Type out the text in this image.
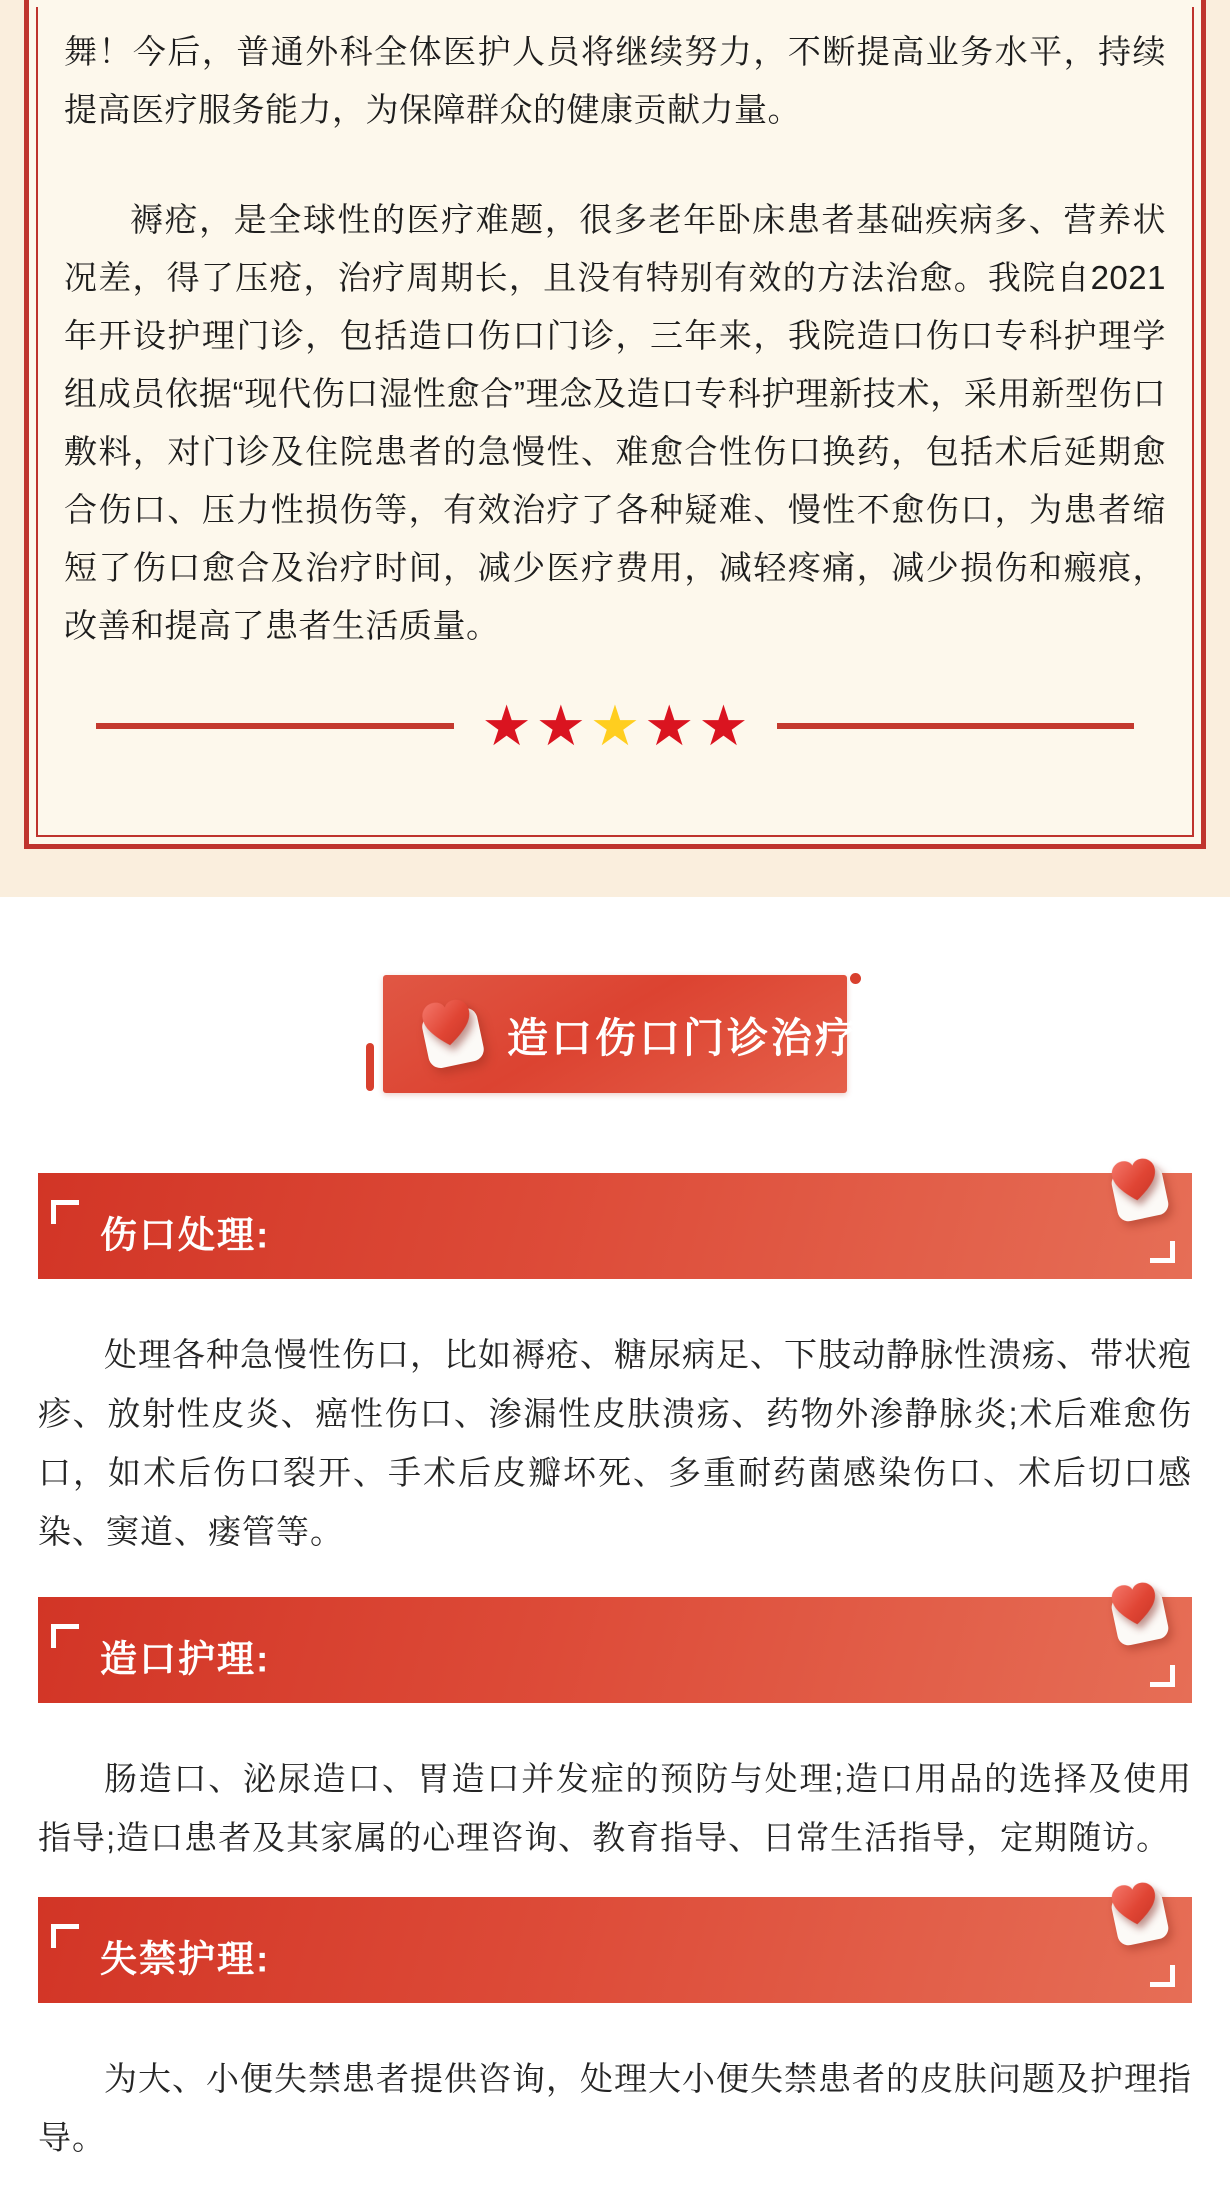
舞！今后，普通外科全体医护人员将继续努力，不断提高业务水平，持续提高医疗服务能力，为保障群众的健康贡献力量。

褥疮，是全球性的医疗难题，很多老年卧床患者基础疾病多、营养状况差，得了压疮，治疗周期长，且没有特别有效的方法治愈。我院自2021年开设护理门诊，包括造口伤口门诊，三年来，我院造口伤口专科护理学组成员依据“现代伤口湿性愈合”理念及造口专科护理新技术，采用新型伤口敷料，对门诊及住院患者的急慢性、难愈合性伤口换药，包括术后延期愈合伤口、压力性损伤等，有效治疗了各种疑难、慢性不愈伤口，为患者缩短了伤口愈合及治疗时间，减少医疗费用，减轻疼痛，减少损伤和瘢痕，改善和提高了患者生活质量。

★ ★ ★ ★ ★
造口伤口门诊治疗范围
伤口处理:

处理各种急慢性伤口，比如褥疮、糖尿病足、下肢动静脉性溃疡、带状疱疹、放射性皮炎、癌性伤口、渗漏性皮肤溃疡、药物外渗静脉炎;术后难愈伤口，如术后伤口裂开、手术后皮瓣坏死、多重耐药菌感染伤口、术后切口感染、窦道、瘘管等。

造口护理:

肠造口、泌尿造口、胃造口并发症的预防与处理;造口用品的选择及使用指导;造口患者及其家属的心理咨询、教育指导、日常生活指导，定期随访。

失禁护理:

为大、小便失禁患者提供咨询，处理大小便失禁患者的皮肤问题及护理指导。
